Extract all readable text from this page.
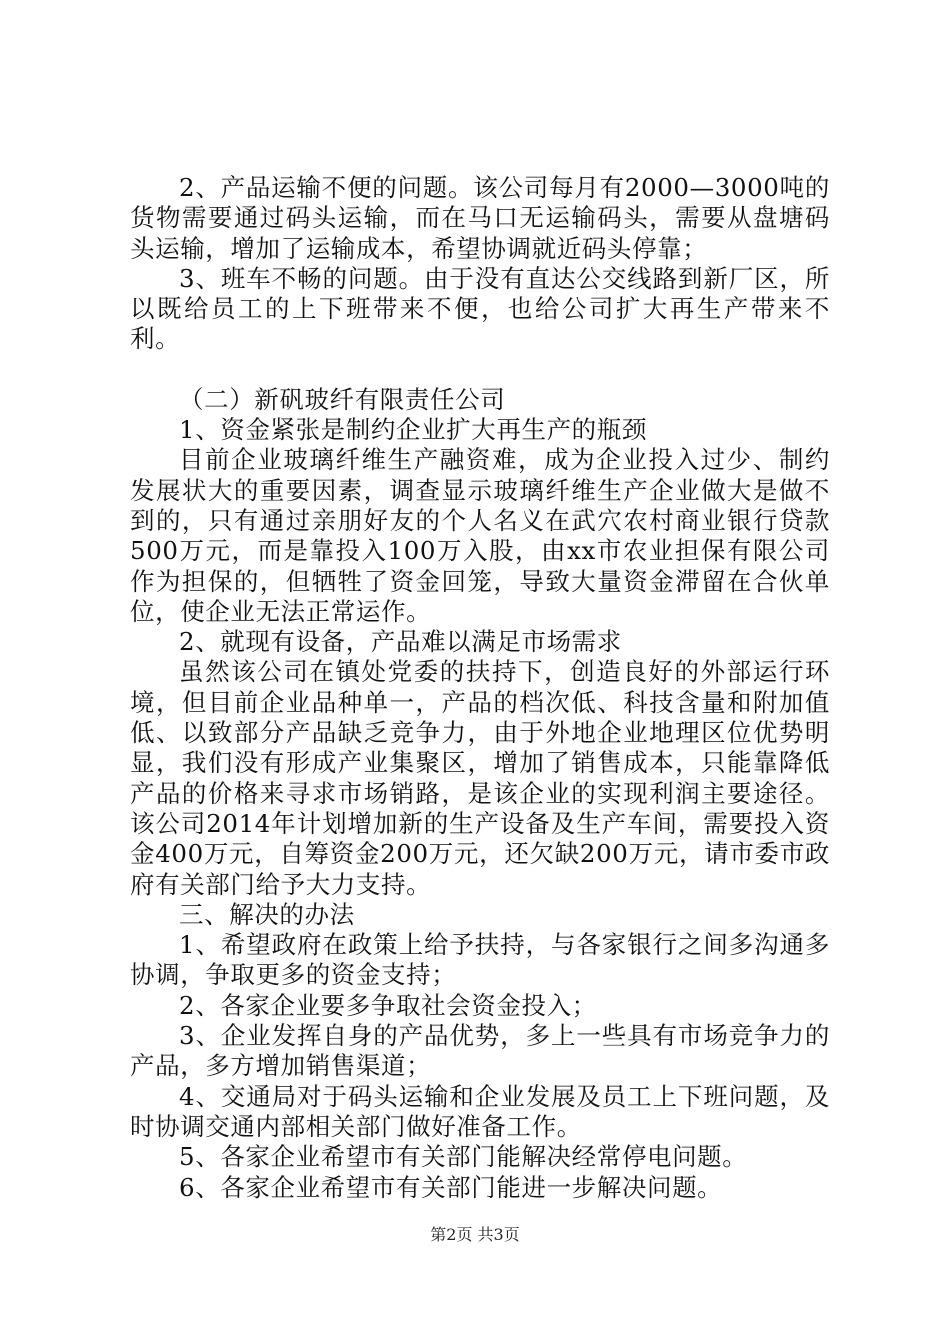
2、产品运输不便的问题。该公司每月有2000—3000吨的货物需要通过码头运输，而在马口无运输码头，需要从盘塘码头运输，增加了运输成本，希望协调就近码头停靠；

3、班车不畅的问题。由于没有直达公交线路到新厂区，所以既给员工的上下班带来不便，也给公司扩大再生产带来不利。

（二）新矾玻纤有限责任公司

1、资金紧张是制约企业扩大再生产的瓶颈

目前企业玻璃纤维生产融资难，成为企业投入过少、制约发展状大的重要因素，调查显示玻璃纤维生产企业做大是做不到的，只有通过亲朋好友的个人名义在武穴农村商业银行贷款500万元，而是靠投入100万入股，由xx市农业担保有限公司作为担保的，但牺牲了资金回笼，导致大量资金滞留在合伙单位，使企业无法正常运作。

2、就现有设备，产品难以满足市场需求

虽然该公司在镇处党委的扶持下，创造良好的外部运行环境，但目前企业品种单一，产品的档次低、科技含量和附加值低、以致部分产品缺乏竞争力，由于外地企业地理区位优势明显，我们没有形成产业集聚区，增加了销售成本，只能靠降低产品的价格来寻求市场销路，是该企业的实现利润主要途径。该公司2014年计划增加新的生产设备及生产车间，需要投入资金400万元，自筹资金200万元，还欠缺200万元，请市委市政府有关部门给予大力支持。

三、解决的办法

1、希望政府在政策上给予扶持，与各家银行之间多沟通多协调，争取更多的资金支持；

2、各家企业要多争取社会资金投入；

3、企业发挥自身的产品优势，多上一些具有市场竞争力的产品，多方增加销售渠道；

4、交通局对于码头运输和企业发展及员工上下班问题，及时协调交通内部相关部门做好准备工作。

5、各家企业希望市有关部门能解决经常停电问题。

6、各家企业希望市有关部门能进一步解决问题。

第2页 共3页
